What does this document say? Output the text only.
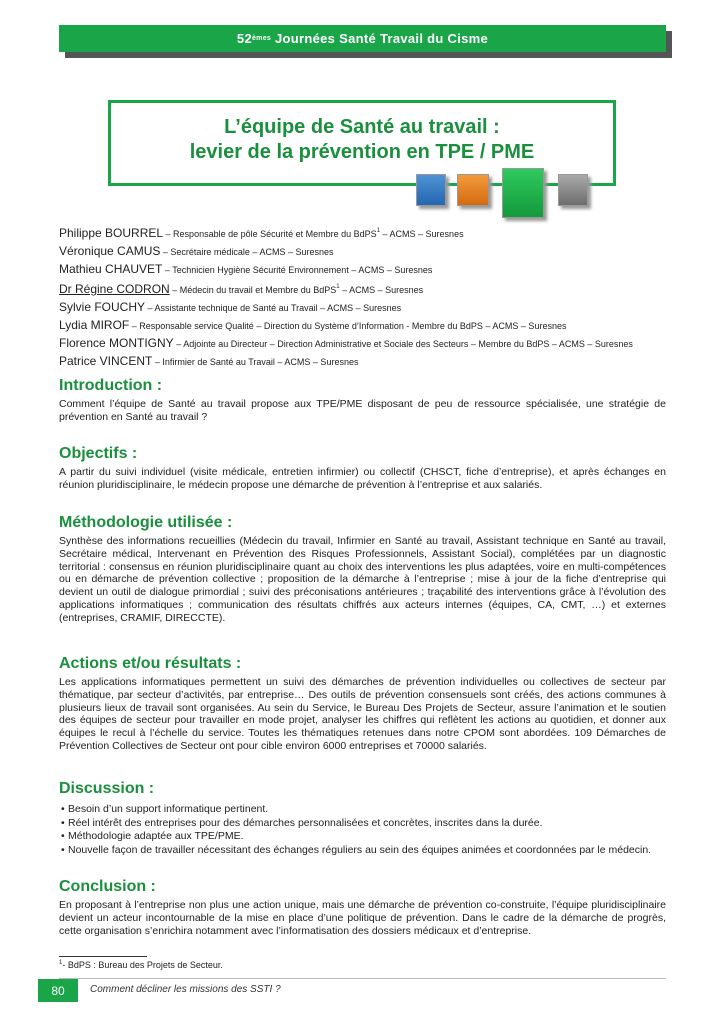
52 èmes
Journées Santé Travail du Cisme
L’équipe de Santé au travail :
levier de la prévention en TPE / PME
Philippe BOURREL – Responsable de pôle Sécurité et Membre du BdPS$^1$ – ACMS – Suresnes
Véronique CAMUS – Secrétaire médicale – ACMS – Suresnes
Mathieu CHAUVET – Technicien Hygiène Sécurité Environnement – ACMS – Suresnes
Dr Régine CODRON – Médecin du travail et Membre du BdPS$^1$ – ACMS – Suresnes
Sylvie FOUCHY – Assistante technique de Santé au Travail – ACMS – Suresnes
Lydia MIROF – Responsable service Qualité – Direction du Système d’Information - Membre du BdPS – ACMS – Suresnes
Florence MONTIGNY – Adjointe au Directeur – Direction Administrative et Sociale des Secteurs – Membre du BdPS – ACMS – Suresnes
Patrice VINCENT – Infirmier de Santé au Travail – ACMS – Suresnes
Introduction :

Comment l’équipe de Santé au travail propose aux TPE/PME disposant de peu de ressource spécialisée, une stratégie de prévention en Santé au travail ?

Objectifs :

A partir du suivi individuel (visite médicale, entretien infirmier) ou collectif (CHSCT, fiche d’entreprise), et après échanges en réunion pluridisciplinaire, le médecin propose une démarche de prévention à l’entreprise et aux salariés.

Méthodologie utilisée :

Synthèse des informations recueillies (Médecin du travail, Infirmier en Santé au travail, Assistant technique en Santé au travail, Secrétaire médical, Intervenant en Prévention des Risques Professionnels, Assistant Social), complétées par un diagnostic territorial : consensus en réunion pluridisciplinaire quant au choix des interventions les plus adaptées, voire en multi-compétences ou en démarche de prévention collective ; proposition de la démarche à l’entreprise ; mise à jour de la fiche d’entreprise qui devient un outil de dialogue primordial ; suivi des préconisations antérieures ; traçabilité des interventions grâce à l’évolution des applications informatiques ; communication des résultats chiffrés aux acteurs internes (équipes, CA, CMT, …) et externes (entreprises, CRAMIF, DIRECCTE).

Actions et/ou résultats :

Les applications informatiques permettent un suivi des démarches de prévention individuelles ou collectives de secteur par thématique, par secteur d’activités, par entreprise… Des outils de prévention consensuels sont créés, des actions communes à plusieurs lieux de travail sont organisées. Au sein du Service, le Bureau Des Projets de Secteur, assure l’animation et le soutien des équipes de secteur pour travailler en mode projet, analyser les chiffres qui reflètent les actions au quotidien, et donner aux équipes le recul à l’échelle du service. Toutes les thématiques retenues dans notre CPOM sont abordées. 109 Démarches de Prévention Collectives de Secteur ont pour cible environ 6000 entreprises et 70000 salariés.

Discussion :
• Besoin d’un support informatique pertinent.
• Réel intérêt des entreprises pour des démarches personnalisées et concrètes, inscrites dans la durée.
• Méthodologie adaptée aux TPE/PME.
• Nouvelle façon de travailler nécessitant des échanges réguliers au sein des équipes animées et coordonnées par le médecin.
Conclusion :

En proposant à l’entreprise non plus une action unique, mais une démarche de prévention co-construite, l’équipe pluridisciplinaire devient un acteur incontournable de la mise en place d’une politique de prévention. Dans le cadre de la démarche de progrès, cette organisation s’enrichira notamment avec l’informatisation des dossiers médicaux et d’entreprise.

$^1$- BdPS : Bureau des Projets de Secteur.
80	Comment décliner les missions des SSTI ?
